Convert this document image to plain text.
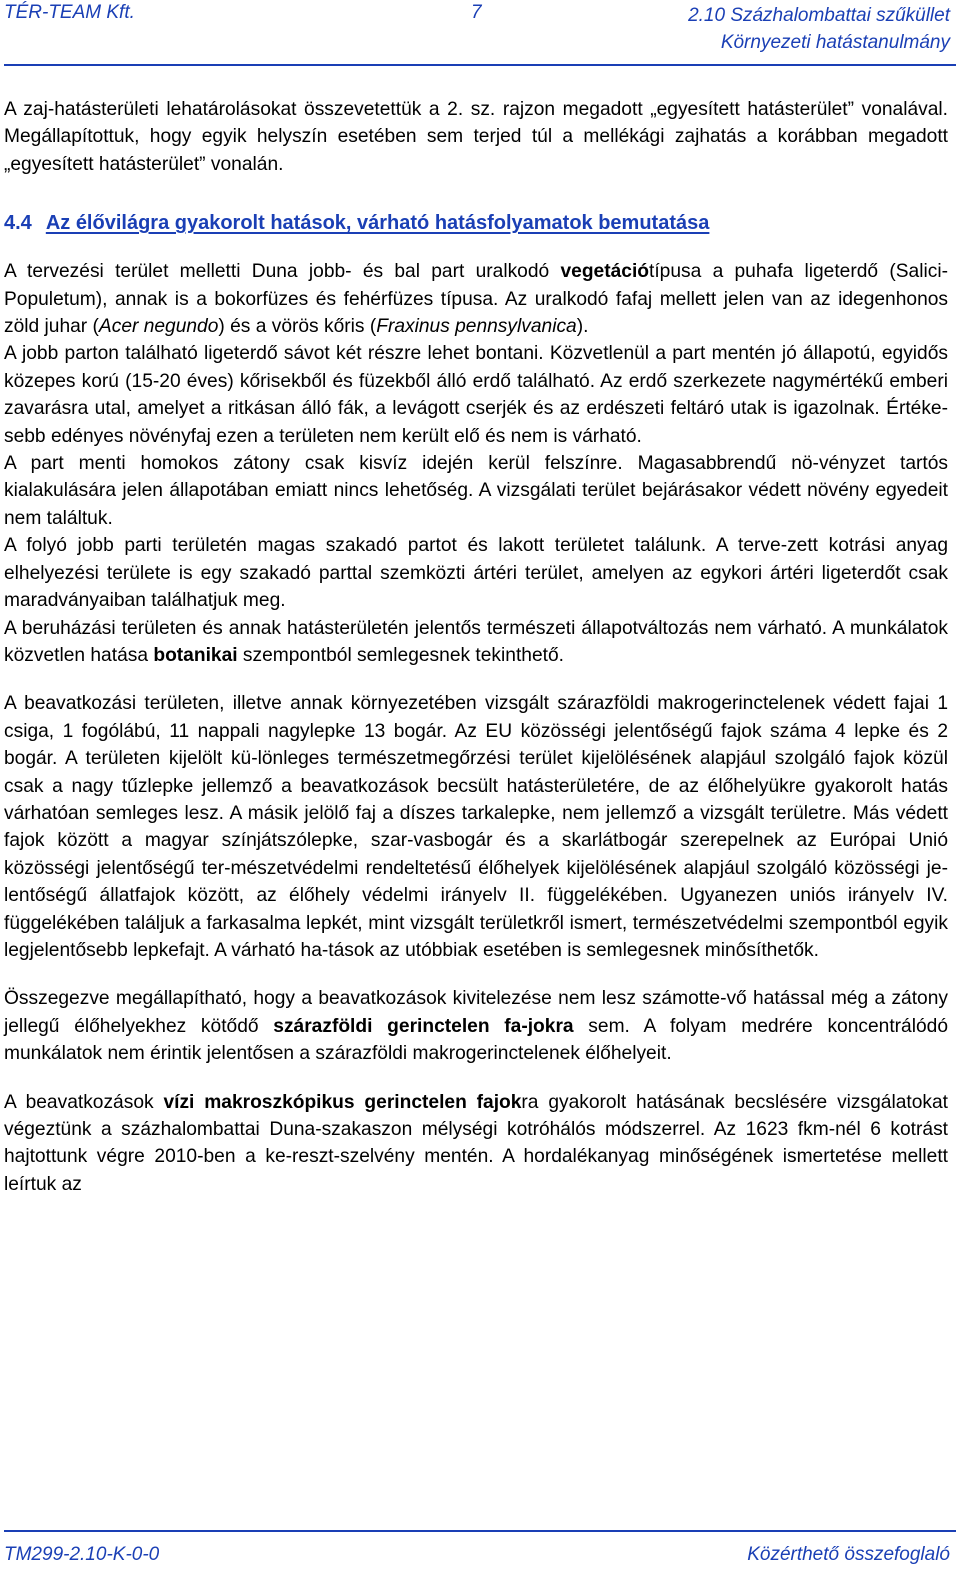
TÉR-TEAM Kft.	7	2.10 Százhalombattai szűküllet
Környezeti hatástanulmány

A zaj-hatásterületi lehatárolásokat összevetettük a 2. sz. rajzon megadott „egyesített hatásterület” vonalával. Megállapítottuk, hogy egyik helyszín esetében sem terjed túl a mellékági zajhatás a korábban megadott „egyesített hatásterület” vonalán.

4.4 Az élővilágra gyakorolt hatások, várható hatásfolyamatok bemutatása

A tervezési terület melletti Duna jobb- és bal part uralkodó vegetációtípusa a puhafa ligeterdő (Salici-Populetum), annak is a bokorfüzes és fehérfüzes típusa. Az uralkodó fafaj mellett jelen van az idegenhonos zöld juhar (Acer negundo) és a vörös kőris (Fraxinus pennsylvanica).

A jobb parton található ligeterdő sávot két részre lehet bontani. Közvetlenül a part mentén jó állapotú, egyidős közepes korú (15-20 éves) kőrisekből és füzekből álló erdő található. Az erdő szerkezete nagymértékű emberi zavarásra utal, amelyet a ritkásan álló fák, a levágott cserjék és az erdészeti feltáró utak is igazolnak. Értéke-sebb edényes növényfaj ezen a területen nem került elő és nem is várható.

A part menti homokos zátony csak kisvíz idején kerül felszínre. Magasabbrendű nö-vényzet tartós kialakulására jelen állapotában emiatt nincs lehetőség. A vizsgálati terület bejárásakor védett növény egyedeit nem találtuk.

A folyó jobb parti területén magas szakadó partot és lakott területet találunk. A terve-zett kotrási anyag elhelyezési területe is egy szakadó parttal szemközti ártéri terület, amelyen az egykori ártéri ligeterdőt csak maradványaiban találhatjuk meg.

A beruházási területen és annak hatásterületén jelentős természeti állapotváltozás nem várható. A munkálatok közvetlen hatása botanikai szempontból semlegesnek tekinthető.

A beavatkozási területen, illetve annak környezetében vizsgált szárazföldi makrogerinctelenek védett fajai 1 csiga, 1 fogólábú, 11 nappali nagylepke 13 bogár. Az EU közösségi jelentőségű fajok száma 4 lepke és 2 bogár. A területen kijelölt kü-lönleges természetmegőrzési terület kijelölésének alapjául szolgáló fajok közül csak a nagy tűzlepke jellemző a beavatkozások becsült hatásterületére, de az élőhelyükre gyakorolt hatás várhatóan semleges lesz. A másik jelölő faj a díszes tarkalepke, nem jellemző a vizsgált területre. Más védett fajok között a magyar színjátszólepke, szar-vasbogár és a skarlátbogár szerepelnek az Európai Unió közösségi jelentőségű ter-mészetvédelmi rendeltetésű élőhelyek kijelölésének alapjául szolgáló közösségi je-lentőségű állatfajok között, az élőhely védelmi irányelv II. függelékében. Ugyanezen uniós irányelv IV. függelékében találjuk a farkasalma lepkét, mint vizsgált területkről ismert, természetvédelmi szempontból egyik legjelentősebb lepkefajt. A várható ha-tások az utóbbiak esetében is semlegesnek minősíthetők.

Összegezve megállapítható, hogy a beavatkozások kivitelezése nem lesz számotte-vő hatással még a zátony jellegű élőhelyekhez kötődő szárazföldi gerinctelen fa-jokra sem. A folyam medrére koncentrálódó munkálatok nem érintik jelentősen a szárazföldi makrogerinctelenek élőhelyeit.

A beavatkozások vízi makroszkópikus gerinctelen fajokra gyakorolt hatásának becslésére vizsgálatokat végeztünk a százhalombattai Duna-szakaszon mélységi kotróhálós módszerrel. Az 1623 fkm-nél 6 kotrást hajtottunk végre 2010-ben a ke-reszt-szelvény mentén. A hordalékanyag minőségének ismertetése mellett leírtuk az

TM299-2.10-K-0-0	Közérthető összefoglaló
